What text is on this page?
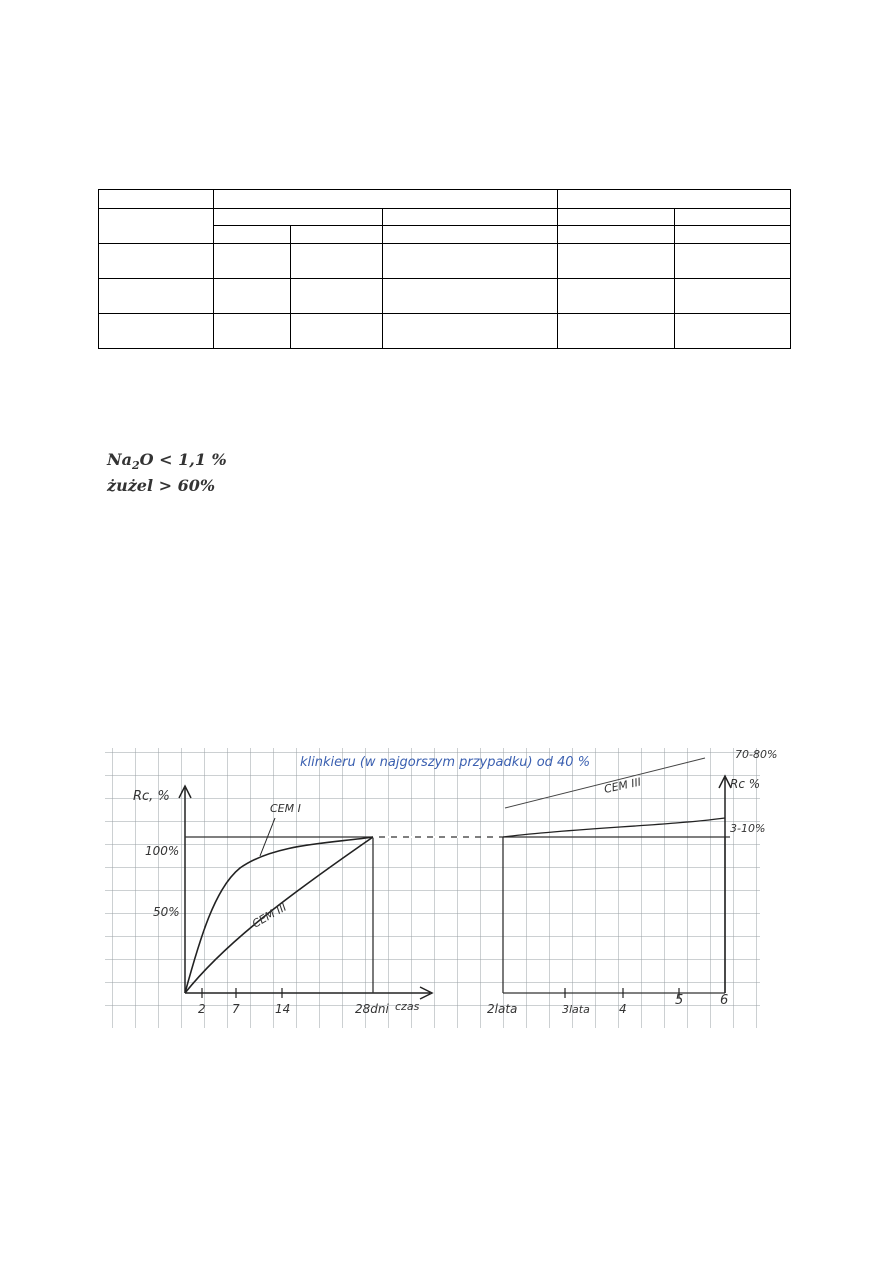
$Na_2O < 1,1$ %
żużel > 60%
klinkieru (w najgorszym przypadku) od 40 %
Rc, %
Rc %
100%
50%
70-80%
3-10%
CEM I
CEM III
CEM III
czas
2 7	14	28dni	2lata	3lata 4
5	6
